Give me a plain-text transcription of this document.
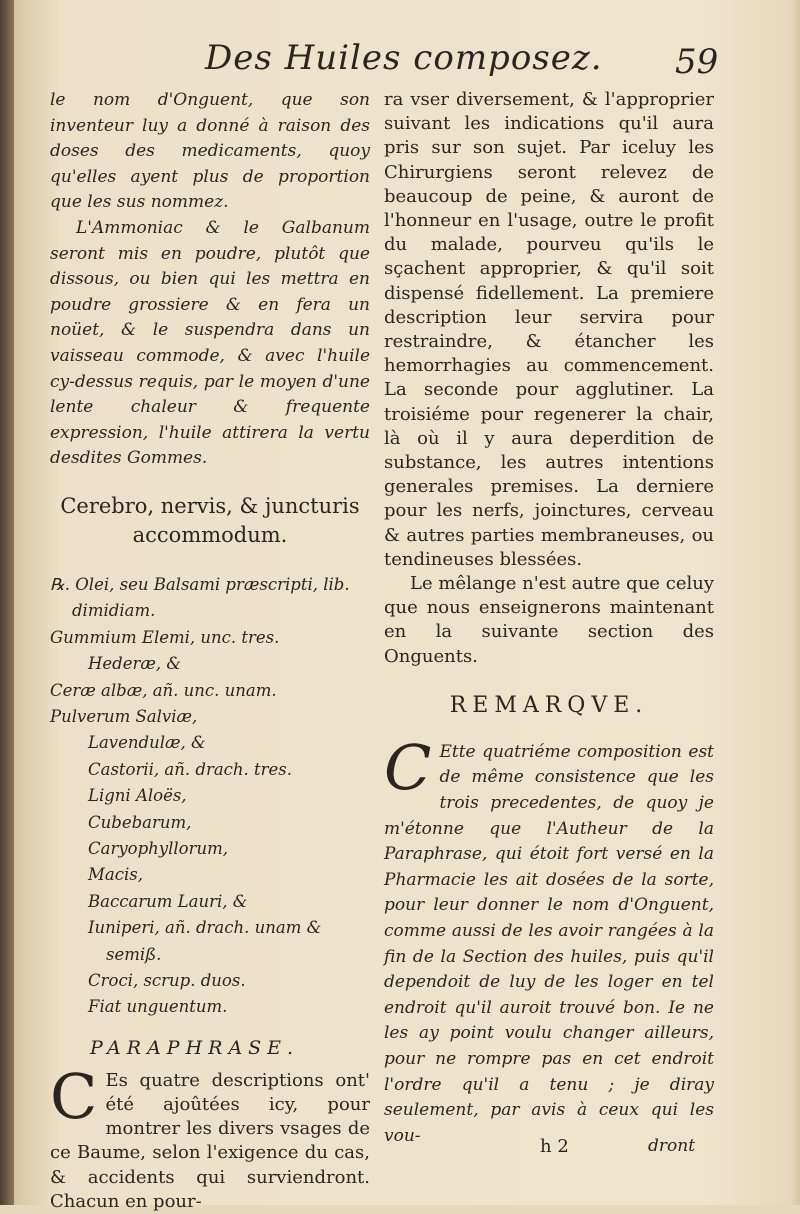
Des Huiles composez. 59

le nom d'Onguent, que son inventeur luy a donné à raison des doses des medicaments, quoy qu'elles ayent plus de proportion que les sus nommez.

L'Ammoniac & le Galbanum seront mis en poudre, plutôt que dissous, ou bien qui les mettra en poudre grossiere & en fera un noüet, & le suspendra dans un vaisseau commode, & avec l'huile cy-dessus requis, par le moyen d'une lente chaleur & frequente expression, l'huile attirera la vertu desdites Gommes.

Cerebro, nervis, & juncturis accommodum.
℞. Olei, seu Balsami præscripti, lib.
dimidiam.
Gummium Elemi, unc. tres.
Hederæ, &
Ceræ albæ, añ. unc. unam.
Pulverum Salviæ,
Lavendulæ, &
Castorii, añ. drach. tres.
Ligni Aloës,
Cubebarum,
Caryophyllorum,
Macis,
Baccarum Lauri, &
Iuniperi, añ. drach. unam &
semiß.
Croci, scrup. duos.
Fiat unguentum.
PARAPHRASE.

C Es quatre descriptions ont' été ajoûtées icy, pour montrer les divers vsages de ce Baume, selon l'exigence du cas, & accidents qui surviendront. Chacun en pour-

ra vser diversement, & l'approprier suivant les indications qu'il aura pris sur son sujet. Par iceluy les Chirurgiens seront relevez de beaucoup de peine, & auront de l'honneur en l'usage, outre le profit du malade, pourveu qu'ils le sçachent approprier, & qu'il soit dispensé fidellement. La premiere description leur servira pour restraindre, & étancher les hemorrhagies au commencement. La seconde pour agglutiner. La troisiéme pour regenerer la chair, là où il y aura deperdition de substance, les autres intentions generales premises. La derniere pour les nerfs, joinctures, cerveau & autres parties membraneuses, ou tendineuses blessées.

Le mêlange n'est autre que celuy que nous enseignerons maintenant en la suivante section des Onguents.

REMARQVE.

C Ette quatriéme composition est de même consistence que les trois precedentes, de quoy je m'étonne que l'Autheur de la Paraphrase, qui étoit fort versé en la Pharmacie les ait dosées de la sorte, pour leur donner le nom d'Onguent, comme aussi de les avoir rangées à la fin de la Section des huiles, puis qu'il dependoit de luy de les loger en tel endroit qu'il auroit trouvé bon. Ie ne les ay point voulu changer ailleurs, pour ne rompre pas en cet endroit l'ordre qu'il a tenu ; je diray seulement, par avis à ceux qui les vou-

h 2	dront
